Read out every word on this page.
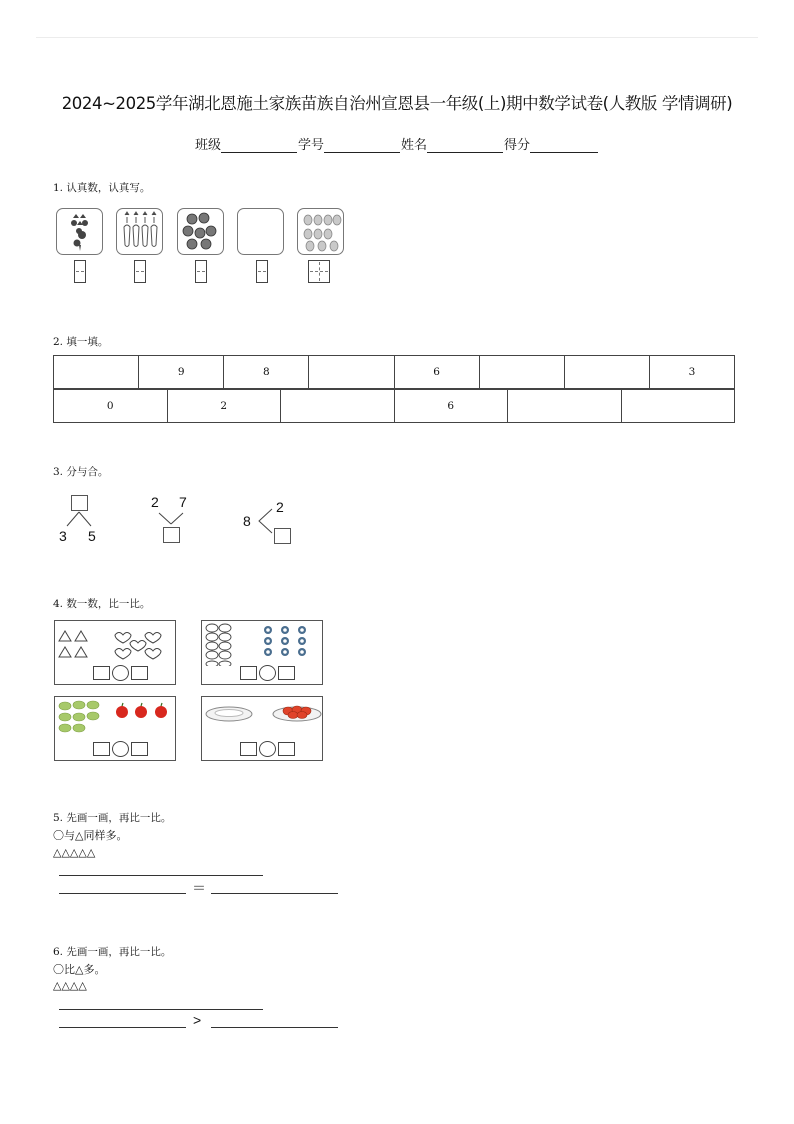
2024~2025学年湖北恩施土家族苗族自治州宣恩县一年级(上)期中数学试卷(人教版 学情调研)
班级	学号	姓名	得分
1. 认真数，认真写。
2. 填一填。
	9	8		6			3
0	2		6		
3. 分与合。
3 5
2 7
8
2
4. 数一数，比一比。
5. 先画一画，再比一比。
〇与△同样多。
△△△△△
＝
6. 先画一画，再比一比。
〇比△多。
△△△△
>
